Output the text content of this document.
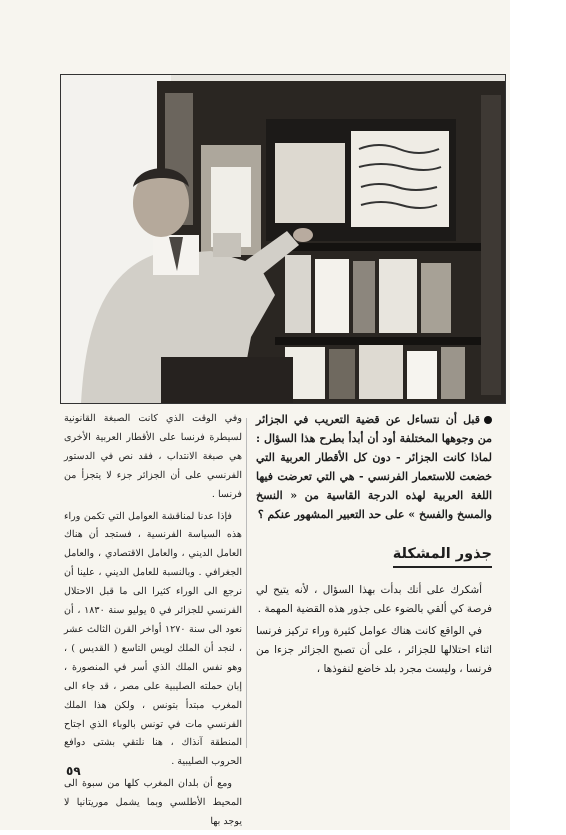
قبل أن نتساءل عن قضية التعريب في الجزائر من وجوهها المختلفة أود أن أبدأ بطرح هذا السؤال : لماذا كانت الجزائر - دون كل الأقطار العربية التي خضعت للاستعمار الفرنسي - هي التي تعرضت فيها اللغة العربية لهذه الدرجة القاسية من « النسخ والمسخ والفسخ » على حد التعبير المشهور عنكم ؟

جذور المشكلة

أشكرك على أنك بدأت بهذا السؤال ، لأنه يتيح لي فرصة كي ألقي بالضوء على جذور هذه القضية المهمة .

في الواقع كانت هناك عوامل كثيرة وراء تركيز فرنسا اثناء احتلالها للجزائر ، على أن تصبح الجزائر جزءا من فرنسا ، وليست مجرد بلد خاضع لنفوذها ،

وفي الوقت الذي كانت الصبغة القانونية لسيطرة فرنسا على الأقطار العربية الأخرى هي صبغة الانتداب ، فقد نص في الدستور الفرنسي على أن الجزائر جزء لا يتجزأ من فرنسا .

فإذا عدنا لمناقشة العوامل التي تكمن وراء هذه السياسة الفرنسية ، فستجد أن هناك العامل الديني ، والعامل الاقتصادي ، والعامل الجغرافي . وبالنسبة للعامل الديني ، علينا أن نرجع الى الوراء كثيرا الى ما قبل الاحتلال الفرنسي للجزائر في ٥ يوليو سنة ١٨٣٠ ، أن نعود الى سنة ١٢٧٠ أواخر القرن الثالث عشر ، لنجد أن الملك لويس التاسع ( القديس ) ، وهو نفس الملك الذي أسر في المنصورة ، إبان حملته الصليبية على مصر ، قد جاء الى المغرب مبتدأ بتونس ، ولكن هذا الملك الفرنسي مات في تونس بالوباء الذي اجتاح المنطقة آنذاك ، هنا نلتقي بشتى دوافع الحروب الصليبية .

ومع أن بلدان المغرب كلها من سبوة الى المحيط الأطلسي وبما يشمل موريتانيا لا يوجد بها

٥٩
